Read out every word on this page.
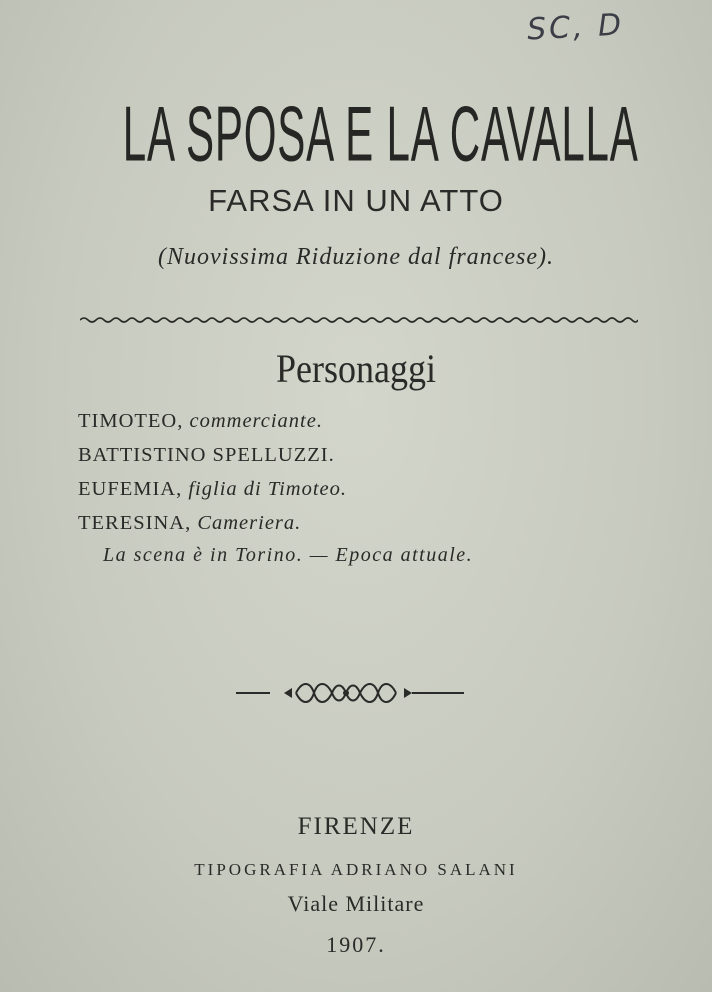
SC, D
LA SPOSA E LA CAVALLA
FARSA IN UN ATTO
(Nuovissima Riduzione dal francese).
Personaggi
TIMOTEO, commerciante.
BATTISTINO SPELLUZZI.
EUFEMIA, figlia di Timoteo.
TERESINA, Cameriera.
La scena è in Torino. — Epoca attuale.
FIRENZE
TIPOGRAFIA ADRIANO SALANI
Viale Militare
1907.
